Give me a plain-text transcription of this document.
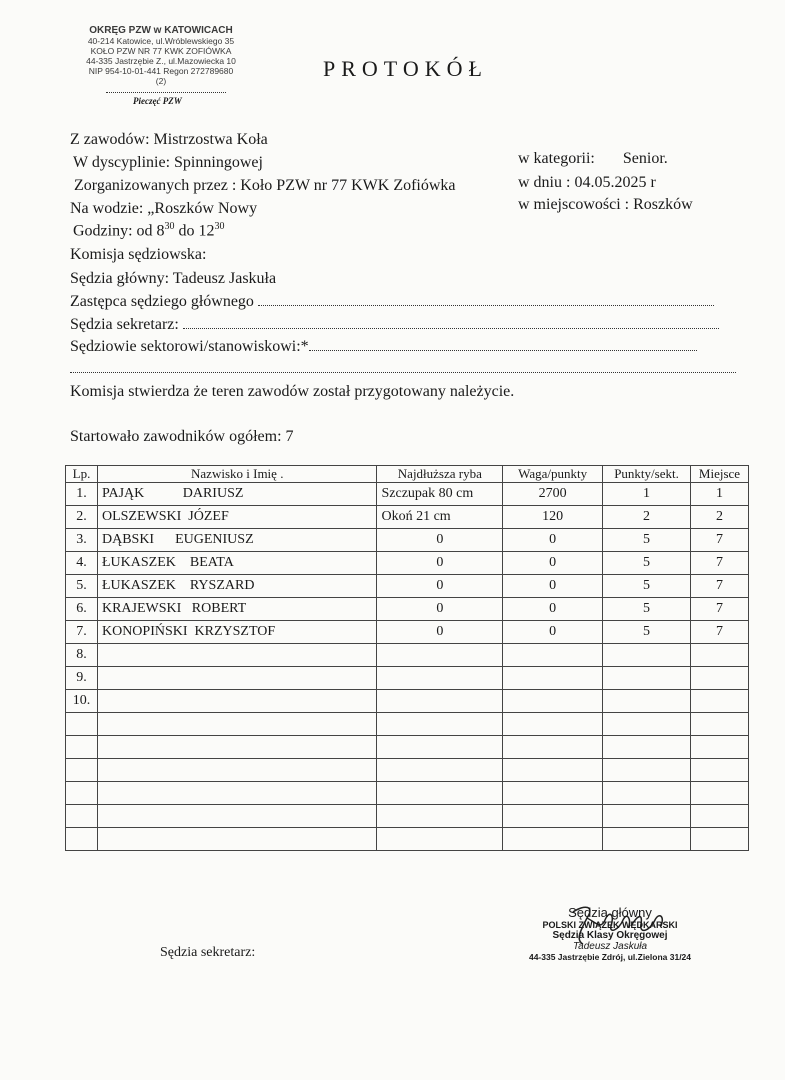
OKRĘG PZW w KATOWICACH
40-214 Katowice, ul.Wróblewskiego 35
KOŁO PZW NR 77 KWK ZOFIÓWKA
44-335 Jastrzębie Z., ul.Mazowiecka 10
NIP 954-10-01-441 Regon 272789680
(2)
Pieczęć PZW
PROTOKÓŁ
Z zawodów: Mistrzostwa Koła
W dyscyplinie: Spinningowej
Zorganizowanych przez : Koło PZW nr 77 KWK Zofiówka
Na wodzie: „Roszków Nowy
Godziny: od $8^{30}$ do $12^{30}$
w kategorii:       Senior.
w dniu : 04.05.2025 r
w miejscowości : Roszków
Komisja sędziowska:
Sędzia główny: Tadeusz Jaskuła
Zastępca sędziego głównego
Sędzia sekretarz:
Sędziowie sektorowi/stanowiskowi:*
Komisja stwierdza że teren zawodów został przygotowany należycie.
Startowało zawodników ogółem: 7
Lp.	Nazwisko i Imię .	Najdłuższa ryba	Waga/punkty	Punkty/sekt.	Miejsce
1.	PAJĄK           DARIUSZ	Szczupak 80 cm	2700	1	1
2.	OLSZEWSKI  JÓZEF	Okoń 21 cm	120	2	2
3.	DĄBSKI      EUGENIUSZ	0	0	5	7
4.	ŁUKASZEK    BEATA	0	0	5	7
5.	ŁUKASZEK    RYSZARD	0	0	5	7
6.	KRAJEWSKI   ROBERT	0	0	5	7
7.	KONOPIŃSKI  KRZYSZTOF	0	0	5	7
8.					
9.					
10.					

Sędzia sekretarz:
Sędzia główny
POLSKI ZWIĄZEK WĘDKARSKI
Sędzia Klasy Okręgowej
Tadeusz Jaskuła
44-335 Jastrzębie Zdrój, ul.Zielona 31/24
